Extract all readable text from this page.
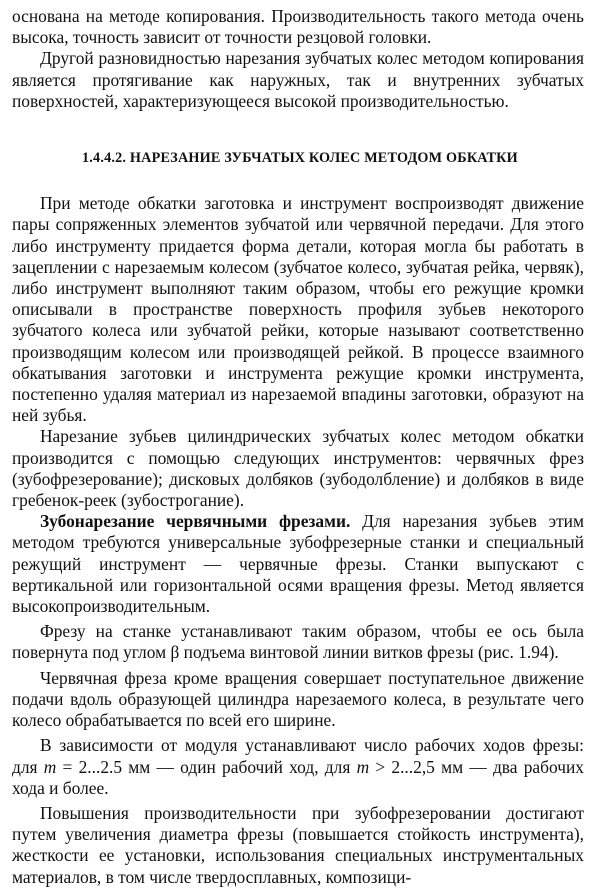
основана на методе копирования. Производительность такого метода очень высока, точность зависит от точности резцовой головки.

Другой разновидностью нарезания зубчатых колес методом копирования является протягивание как наружных, так и внутренних зубчатых поверхностей, характеризующееся высокой производительностью.

1.4.4.2. НАРЕЗАНИЕ ЗУБЧАТЫХ КОЛЕС МЕТОДОМ ОБКАТКИ

При методе обкатки заготовка и инструмент воспроизводят движение пары сопряженных элементов зубчатой или червячной передачи. Для этого либо инструменту придается форма детали, которая могла бы работать в зацеплении с нарезаемым колесом (зубчатое колесо, зубчатая рейка, червяк), либо инструмент выполняют таким образом, чтобы его режущие кромки описывали в пространстве поверхность профиля зубьев некоторого зубчатого колеса или зубчатой рейки, которые называют соответственно производящим колесом или производящей рейкой. В процессе взаимного обкатывания заготовки и инструмента режущие кромки инструмента, постепенно удаляя материал из нарезаемой впадины заготовки, образуют на ней зубья.

Нарезание зубьев цилиндрических зубчатых колес методом обкатки производится с помощью следующих инструментов: червячных фрез (зубофрезерование); дисковых долбяков (зубодолбление) и долбяков в виде гребенок-реек (зубострогание).

Зубонарезание червячными фрезами. Для нарезания зубьев этим методом требуются универсальные зубофрезерные станки и специальный режущий инструмент — червячные фрезы. Станки выпускают с вертикальной или горизонтальной осями вращения фрезы. Метод является высокопроизводительным.

Фрезу на станке устанавливают таким образом, чтобы ее ось была повернута под углом β подъема винтовой линии витков фрезы (рис. 1.94).

Червячная фреза кроме вращения совершает поступательное движение подачи вдоль образующей цилиндра нарезаемого колеса, в результате чего колесо обрабатывается по всей его ширине.

В зависимости от модуля устанавливают число рабочих ходов фрезы: для m = 2...2.5 мм — один рабочий ход, для m > 2...2,5 мм — два рабочих хода и более.

Повышения производительности при зубофрезеровании достигают путем увеличения диаметра фрезы (повышается стойкость инструмента), жесткости ее установки, использования специальных инструментальных материалов, в том числе твердосплавных, композици-
